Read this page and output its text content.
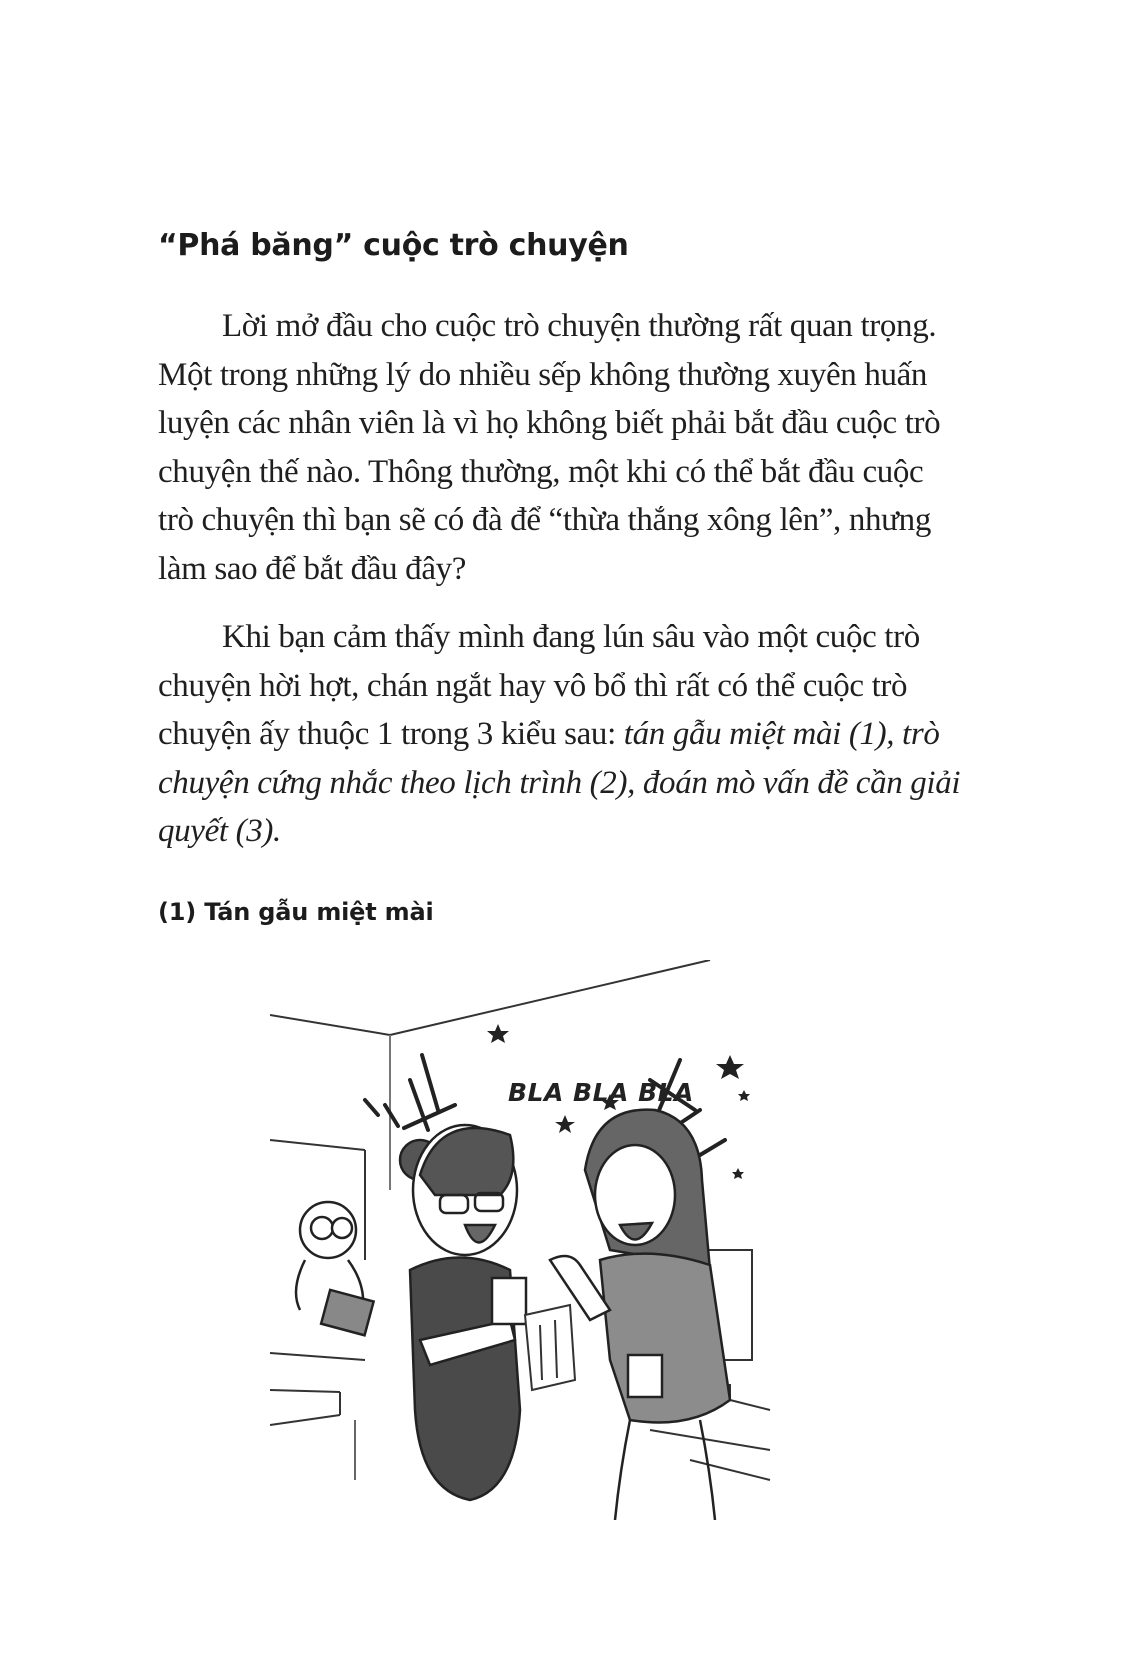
“Phá băng” cuộc trò chuyện

Lời mở đầu cho cuộc trò chuyện thường rất quan trọng.
Một trong những lý do nhiều sếp không thường xuyên huấn
luyện các nhân viên là vì họ không biết phải bắt đầu cuộc trò
chuyện thế nào. Thông thường, một khi có thể bắt đầu cuộc
trò chuyện thì bạn sẽ có đà để “thừa thắng xông lên”, nhưng
làm sao để bắt đầu đây?

Khi bạn cảm thấy mình đang lún sâu vào một cuộc trò
chuyện hời hợt, chán ngắt hay vô bổ thì rất có thể cuộc trò
chuyện ấy thuộc 1 trong 3 kiểu sau: tán gẫu miệt mài (1), trò
chuyện cứng nhắc theo lịch trình (2), đoán mò vấn đề cần giải
quyết (3).

(1) Tán gẫu miệt mài
BLA BLA BLA
